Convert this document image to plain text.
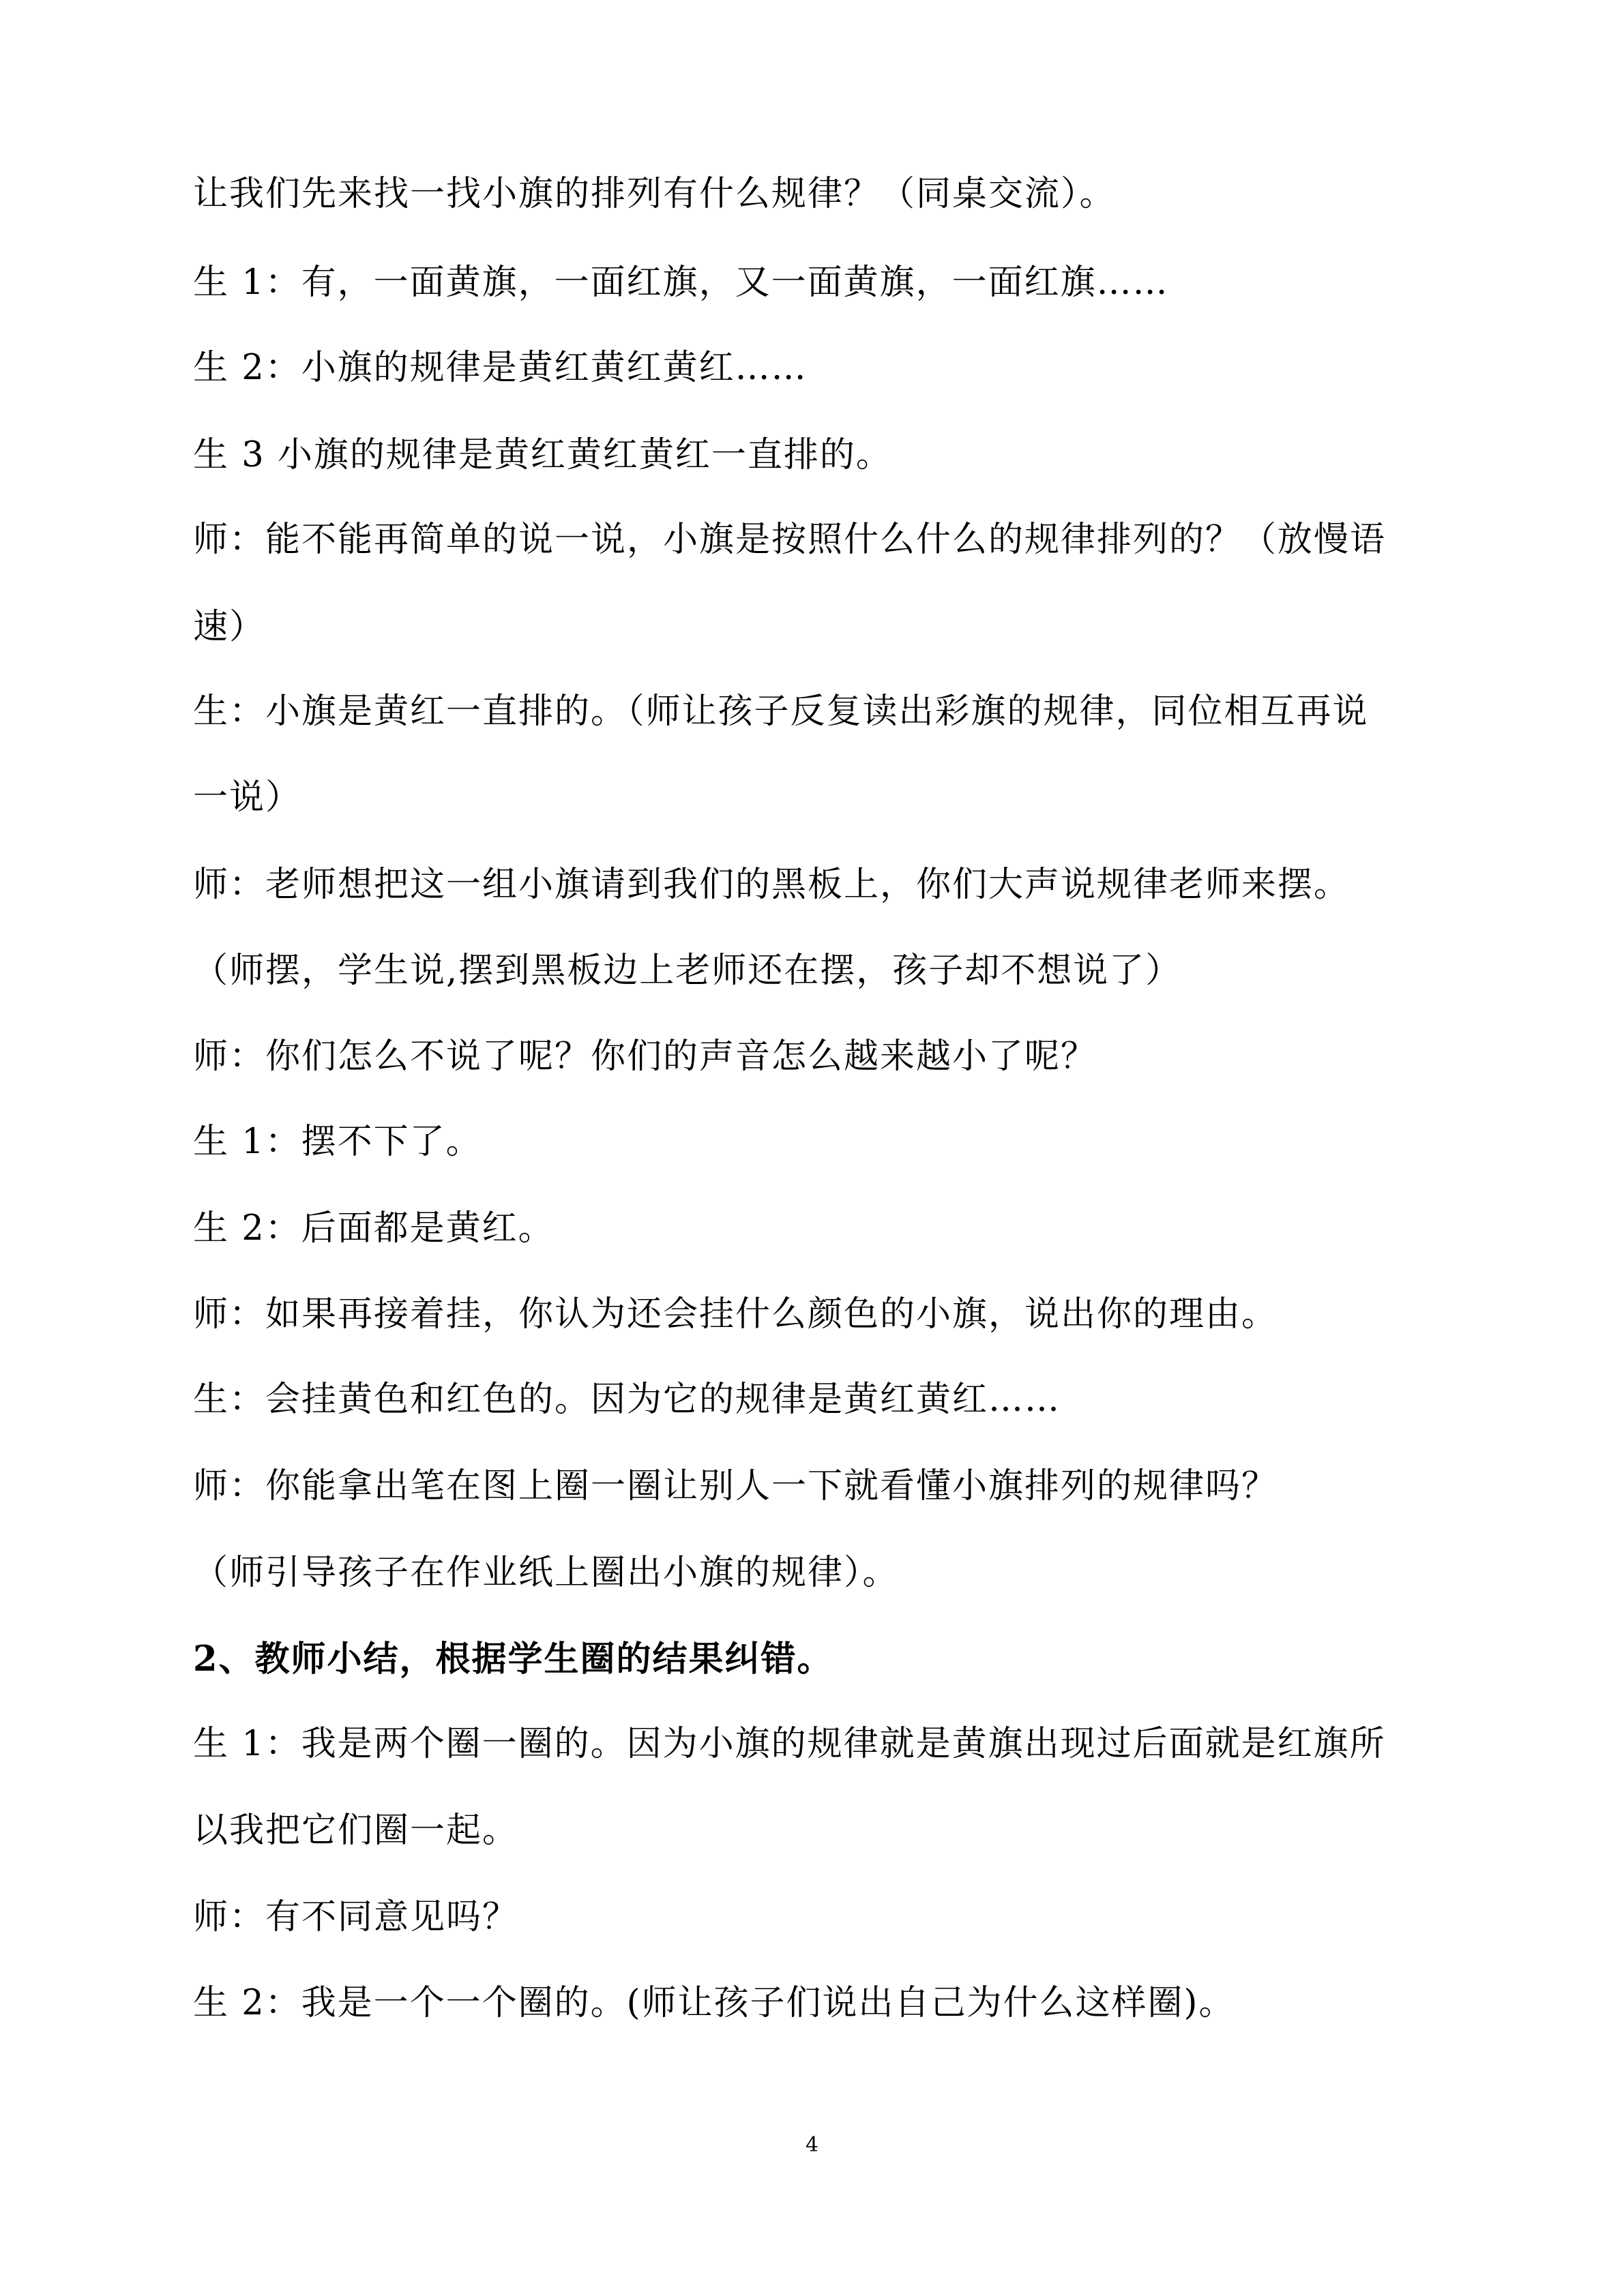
让我们先来找一找小旗的排列有什么规律？（同桌交流）。
生 1：有，一面黄旗，一面红旗，又一面黄旗，一面红旗……
生 2：小旗的规律是黄红黄红黄红……
生 3 小旗的规律是黄红黄红黄红一直排的。
师：能不能再简单的说一说，小旗是按照什么什么的规律排列的？（放慢语
速）
生：小旗是黄红一直排的。（师让孩子反复读出彩旗的规律，同位相互再说
一说）
师：老师想把这一组小旗请到我们的黑板上，你们大声说规律老师来摆。
（师摆，学生说,摆到黑板边上老师还在摆，孩子却不想说了）
师：你们怎么不说了呢？你们的声音怎么越来越小了呢？
生 1：摆不下了。
生 2：后面都是黄红。
师：如果再接着挂，你认为还会挂什么颜色的小旗，说出你的理由。
生：会挂黄色和红色的。因为它的规律是黄红黄红……
师：你能拿出笔在图上圈一圈让别人一下就看懂小旗排列的规律吗？
（师引导孩子在作业纸上圈出小旗的规律）。
2、教师小结，根据学生圈的结果纠错。
生 1：我是两个圈一圈的。因为小旗的规律就是黄旗出现过后面就是红旗所
以我把它们圈一起。
师：有不同意见吗？
生 2：我是一个一个圈的。(师让孩子们说出自己为什么这样圈)。
4
